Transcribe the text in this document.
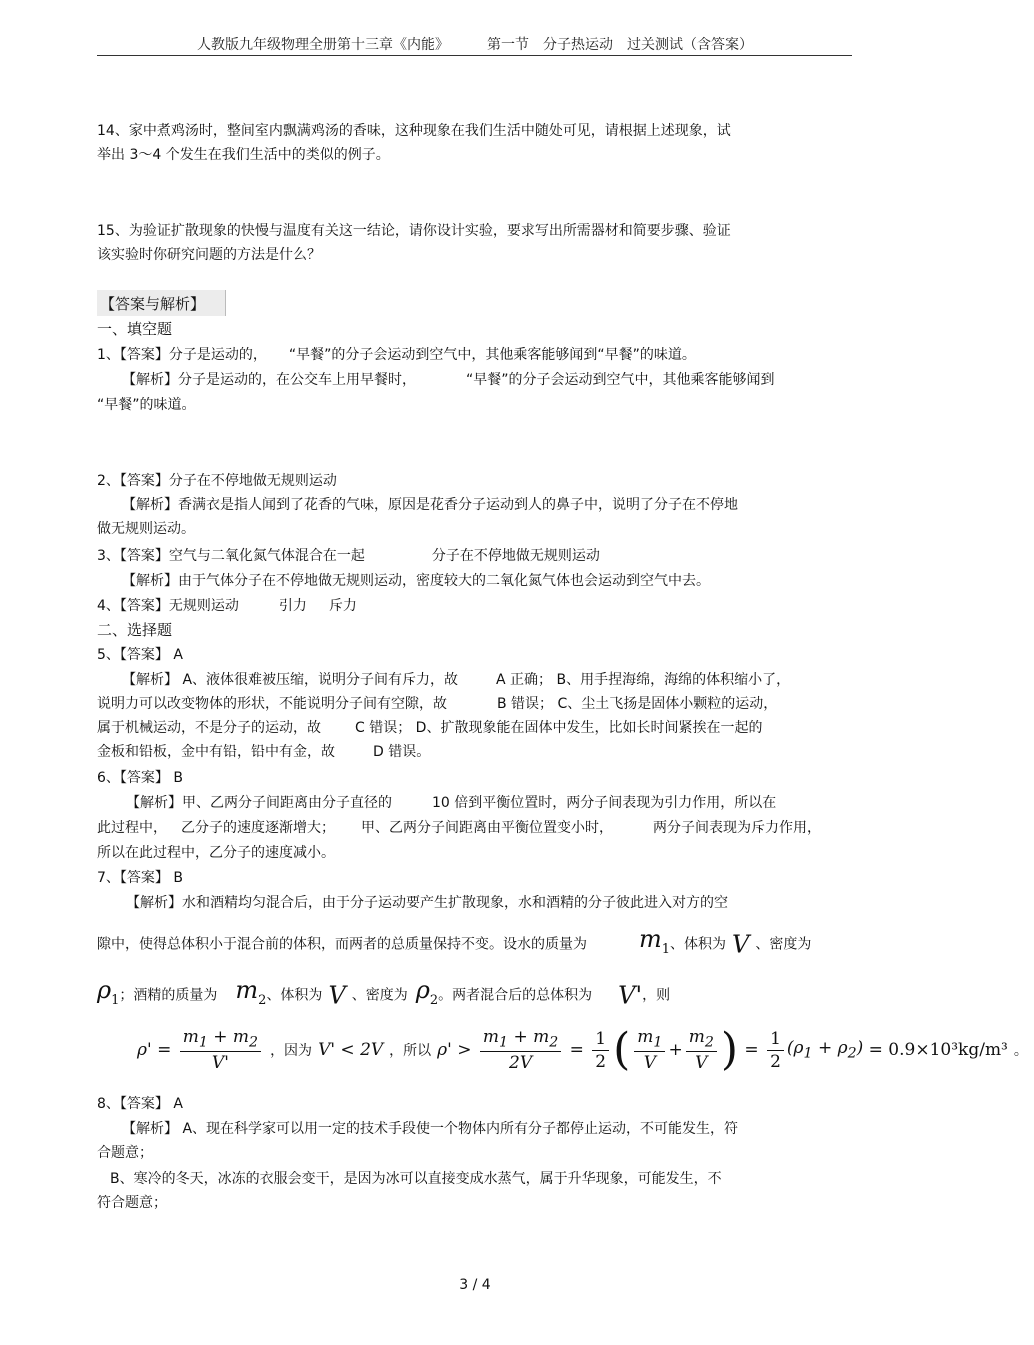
人教版九年级物理全册第十三章《内能》	第一节　分子热运动　过关测试（含答案）
14、家中煮鸡汤时，整间室内飘满鸡汤的香味，这种现象在我们生活中随处可见，请根据上述现象，试
举出 3～4 个发生在我们生活中的类似的例子。
15、为验证扩散现象的快慢与温度有关这一结论，请你设计实验，要求写出所需器材和简要步骤、验证
该实验时你研究问题的方法是什么？
【答案与解析】
一、填空题
1、【答案】分子是运动的， “早餐”的分子会运动到空气中，其他乘客能够闻到“早餐”的味道。
【解析】分子是运动的，在公交车上用早餐时，	“早餐”的分子会运动到空气中，其他乘客能够闻到
“早餐”的味道。
2、【答案】分子在不停地做无规则运动
【解析】香满衣是指人闻到了花香的气味，原因是花香分子运动到人的鼻子中，说明了分子在不停地
做无规则运动。
3、【答案】空气与二氧化氮气体混合在一起	分子在不停地做无规则运动
【解析】由于气体分子在不停地做无规则运动，密度较大的二氧化氮气体也会运动到空气中去。
4、【答案】无规则运动	引力 斥力
二、选择题
5、【答案】 A
【解析】 A、液体很难被压缩，说明分子间有斥力，故	A 正确； B、用手捏海绵，海绵的体积缩小了，
说明力可以改变物体的形状，不能说明分子间有空隙，故	B 错误； C、尘土飞扬是固体小颗粒的运动，
属于机械运动，不是分子的运动，故 C 错误； D、扩散现象能在固体中发生，比如长时间紧挨在一起的
金板和铅板，金中有铅，铅中有金，故	D 错误。
6、【答案】 B
【解析】甲、乙两分子间距离由分子直径的	10 倍到平衡位置时，两分子间表现为引力作用，所以在
此过程中， 乙分子的速度逐渐增大； 甲、乙两分子间距离由平衡位置变小时，	两分子间表现为斥力作用，
所以在此过程中，乙分子的速度减小。
7、【答案】 B
【解析】水和酒精均匀混合后，由于分子运动要产生扩散现象，水和酒精的分子彼此进入对方的空
隙中，使得总体积小于混合前的体积，而两者的总质量保持不变。设水的质量为 $m_1$、体积为 V 、密度为
$\rho_1$；酒精的质量为 $m_2$、体积为 V 、密度为 $\rho_2$。两者混合后的总体积为 V'，则
$\rho' = \frac{m_1 + m_2}{V'}$ ，因为 V' < 2V ，所以 $\rho' > \frac{m_1 + m_2}{2V} = \frac{1}{2}$ ( $\frac{m_1}{V} + \frac{m_2}{V}$ ) = $\frac{1}{2} (\rho_1 + \rho_2)$
= 0.9×10³kg/m³ 。
8、【答案】 A
【解析】 A、现在科学家可以用一定的技术手段使一个物体内所有分子都停止运动，不可能发生，符
合题意；
B、寒冷的冬天，冰冻的衣服会变干，是因为冰可以直接变成水蒸气，属于升华现象，可能发生，不
符合题意；
3 / 4
